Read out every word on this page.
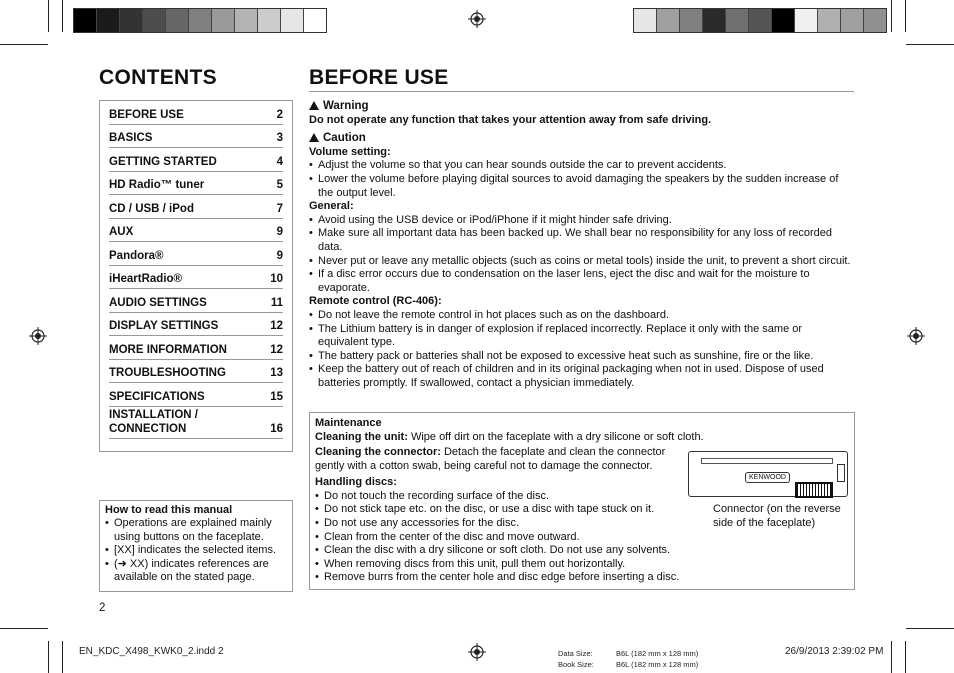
CONTENTS
BEFORE USE	2
BASICS	3
GETTING STARTED	4
HD Radio™ tuner	5
CD / USB / iPod	7
AUX	9
Pandora®	9
iHeartRadio®	10
AUDIO SETTINGS	11
DISPLAY SETTINGS	12
MORE INFORMATION	12
TROUBLESHOOTING	13
SPECIFICATIONS	15
INSTALLATION /
CONNECTION	16
How to read this manual
• Operations are explained mainly using buttons on the faceplate.
• [XX] indicates the selected items.
• (➜ XX) indicates references are available on the stated page.
2
BEFORE USE
Warning
Do not operate any function that takes your attention away from safe driving.
Caution
Volume setting:
• Adjust the volume so that you can hear sounds outside the car to prevent accidents.
• Lower the volume before playing digital sources to avoid damaging the speakers by the sudden increase of the output level.
General:
• Avoid using the USB device or iPod/iPhone if it might hinder safe driving.
• Make sure all important data has been backed up. We shall bear no responsibility for any loss of recorded data.
• Never put or leave any metallic objects (such as coins or metal tools) inside the unit, to prevent a short circuit.
• If a disc error occurs due to condensation on the laser lens, eject the disc and wait for the moisture to evaporate.
Remote control (RC-406):
• Do not leave the remote control in hot places such as on the dashboard.
• The Lithium battery is in danger of explosion if replaced incorrectly. Replace it only with the same or equivalent type.
• The battery pack or batteries shall not be exposed to excessive heat such as sunshine, fire or the like.
• Keep the battery out of reach of children and in its original packaging when not in used. Dispose of used batteries promptly. If swallowed, contact a physician immediately.
Maintenance
Cleaning the unit: Wipe off dirt on the faceplate with a dry silicone or soft cloth.
Cleaning the connector: Detach the faceplate and clean the connector gently with a cotton swab, being careful not to damage the connector.
Handling discs:
• Do not touch the recording surface of the disc.
• Do not stick tape etc. on the disc, or use a disc with tape stuck on it.
• Do not use any accessories for the disc.
• Clean from the center of the disc and move outward.
• Clean the disc with a dry silicone or soft cloth. Do not use any solvents.
• When removing discs from this unit, pull them out horizontally.
• Remove burrs from the center hole and disc edge before inserting a disc.
KENWOOD
Connector (on the reverse
side of the faceplate)
EN_KDC_X498_KWK0_2.indd 2	Data Size:	B6L (182 mm x 128 mm)
Book Size:	B6L (182 mm x 128 mm)
26/9/2013 2:39:02 PM
